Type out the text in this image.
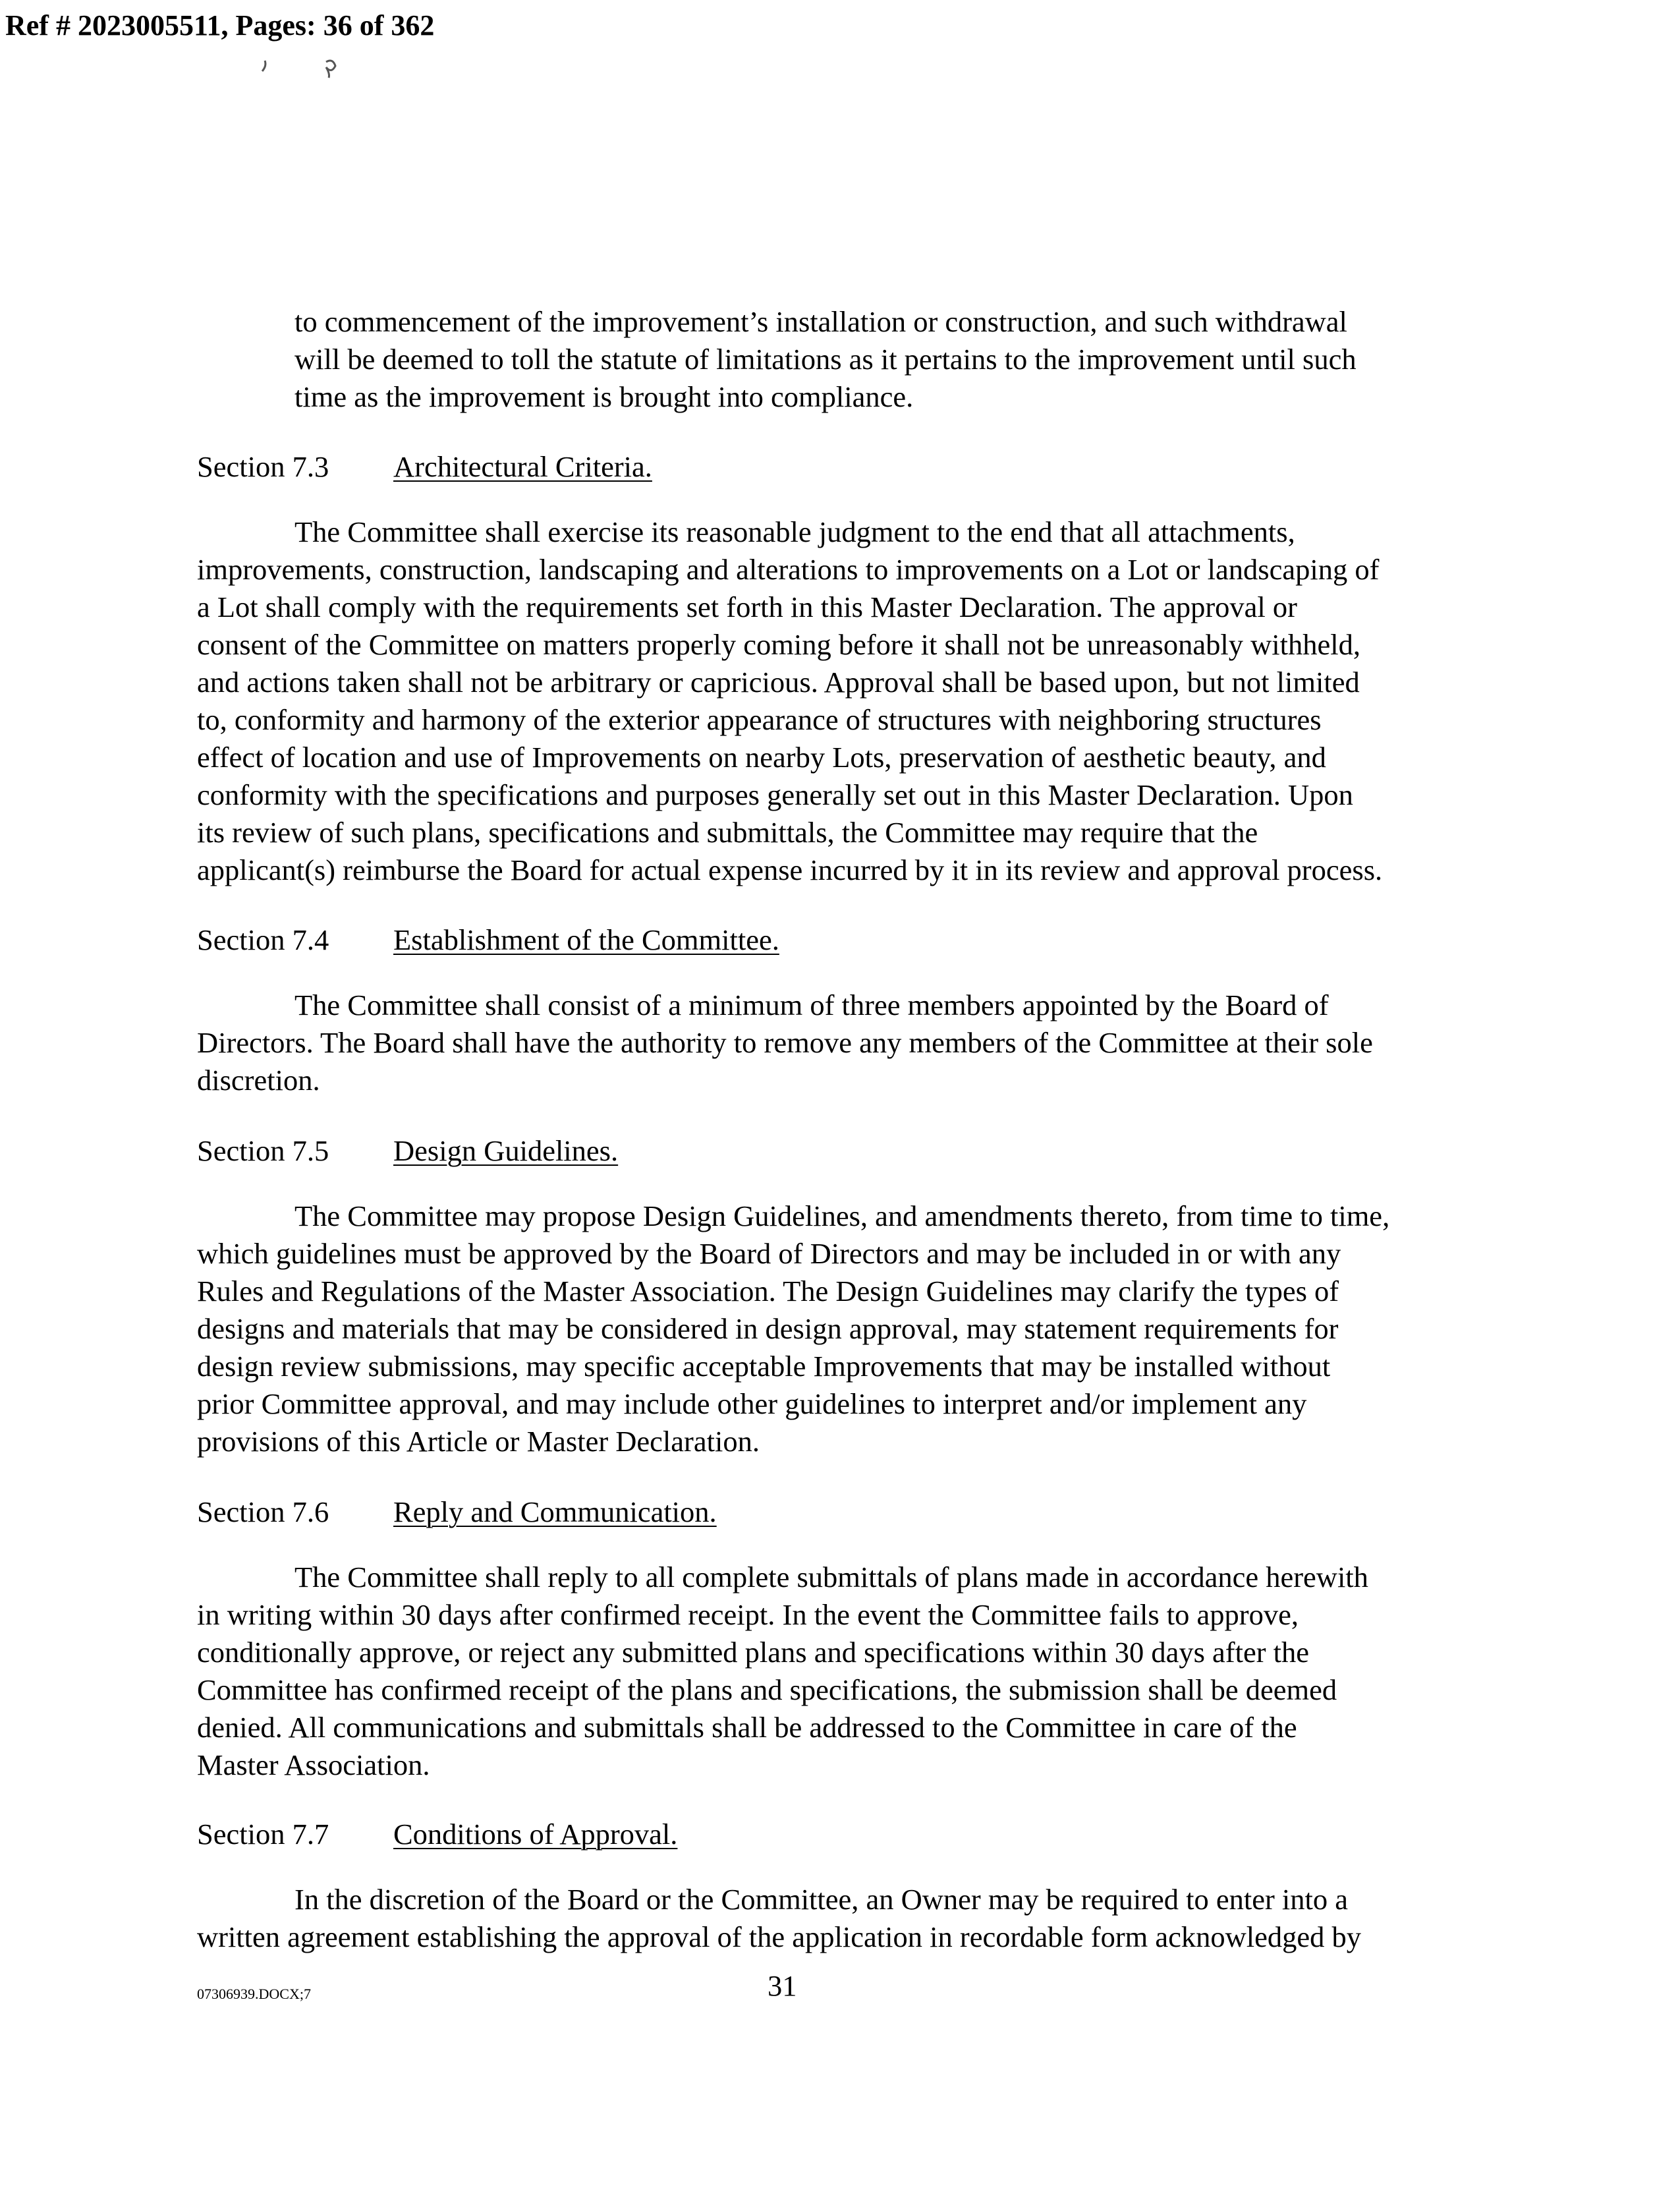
Ref # 2023005511, Pages: 36 of 362
to commencement of the improvement’s installation or construction, and such withdrawal
will be deemed to toll the statute of limitations as it pertains to the improvement until such
time as the improvement is brought into compliance.
Section 7.3 Architectural Criteria.
The Committee shall exercise its reasonable judgment to the end that all attachments,
improvements, construction, landscaping and alterations to improvements on a Lot or landscaping of
a Lot shall comply with the requirements set forth in this Master Declaration. The approval or
consent of the Committee on matters properly coming before it shall not be unreasonably withheld,
and actions taken shall not be arbitrary or capricious. Approval shall be based upon, but not limited
to, conformity and harmony of the exterior appearance of structures with neighboring structures
effect of location and use of Improvements on nearby Lots, preservation of aesthetic beauty, and
conformity with the specifications and purposes generally set out in this Master Declaration. Upon
its review of such plans, specifications and submittals, the Committee may require that the
applicant(s) reimburse the Board for actual expense incurred by it in its review and approval process.
Section 7.4 Establishment of the Committee.
The Committee shall consist of a minimum of three members appointed by the Board of
Directors. The Board shall have the authority to remove any members of the Committee at their sole
discretion.
Section 7.5 Design Guidelines.
The Committee may propose Design Guidelines, and amendments thereto, from time to time,
which guidelines must be approved by the Board of Directors and may be included in or with any
Rules and Regulations of the Master Association. The Design Guidelines may clarify the types of
designs and materials that may be considered in design approval, may statement requirements for
design review submissions, may specific acceptable Improvements that may be installed without
prior Committee approval, and may include other guidelines to interpret and/or implement any
provisions of this Article or Master Declaration.
Section 7.6 Reply and Communication.
The Committee shall reply to all complete submittals of plans made in accordance herewith
in writing within 30 days after confirmed receipt. In the event the Committee fails to approve,
conditionally approve, or reject any submitted plans and specifications within 30 days after the
Committee has confirmed receipt of the plans and specifications, the submission shall be deemed
denied. All communications and submittals shall be addressed to the Committee in care of the
Master Association.
Section 7.7 Conditions of Approval.
In the discretion of the Board or the Committee, an Owner may be required to enter into a
written agreement establishing the approval of the application in recordable form acknowledged by
07306939.DOCX;7	31
